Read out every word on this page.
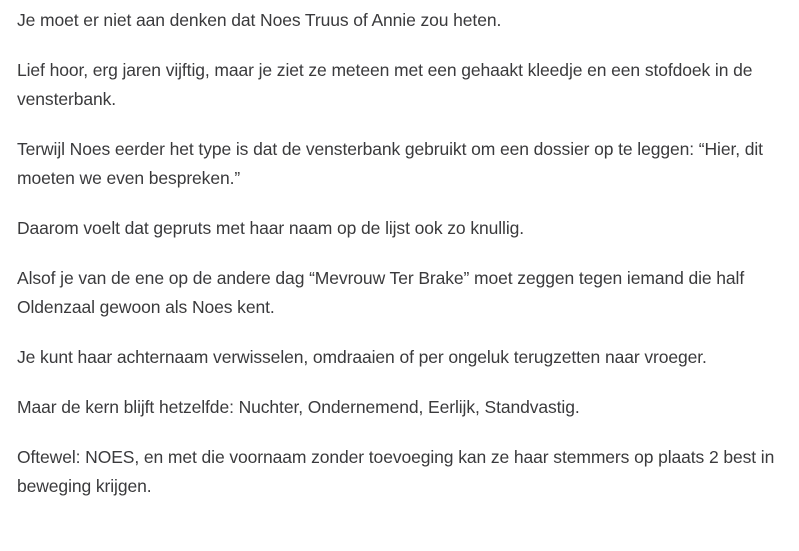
Je moet er niet aan denken dat Noes Truus of Annie zou heten.

Lief hoor, erg jaren vijftig, maar je ziet ze meteen met een gehaakt kleedje en een stofdoek in de vensterbank.

Terwijl Noes eerder het type is dat de vensterbank gebruikt om een dossier op te leggen: “Hier, dit moeten we even bespreken.”

Daarom voelt dat gepruts met haar naam op de lijst ook zo knullig.

Alsof je van de ene op de andere dag “Mevrouw Ter Brake” moet zeggen tegen iemand die half Oldenzaal gewoon als Noes kent.

Je kunt haar achternaam verwisselen, omdraaien of per ongeluk terugzetten naar vroeger.

Maar de kern blijft hetzelfde: Nuchter, Ondernemend, Eerlijk, Standvastig.

Oftewel: NOES, en met die voornaam zonder toevoeging kan ze haar stemmers op plaats 2 best in beweging krijgen.
